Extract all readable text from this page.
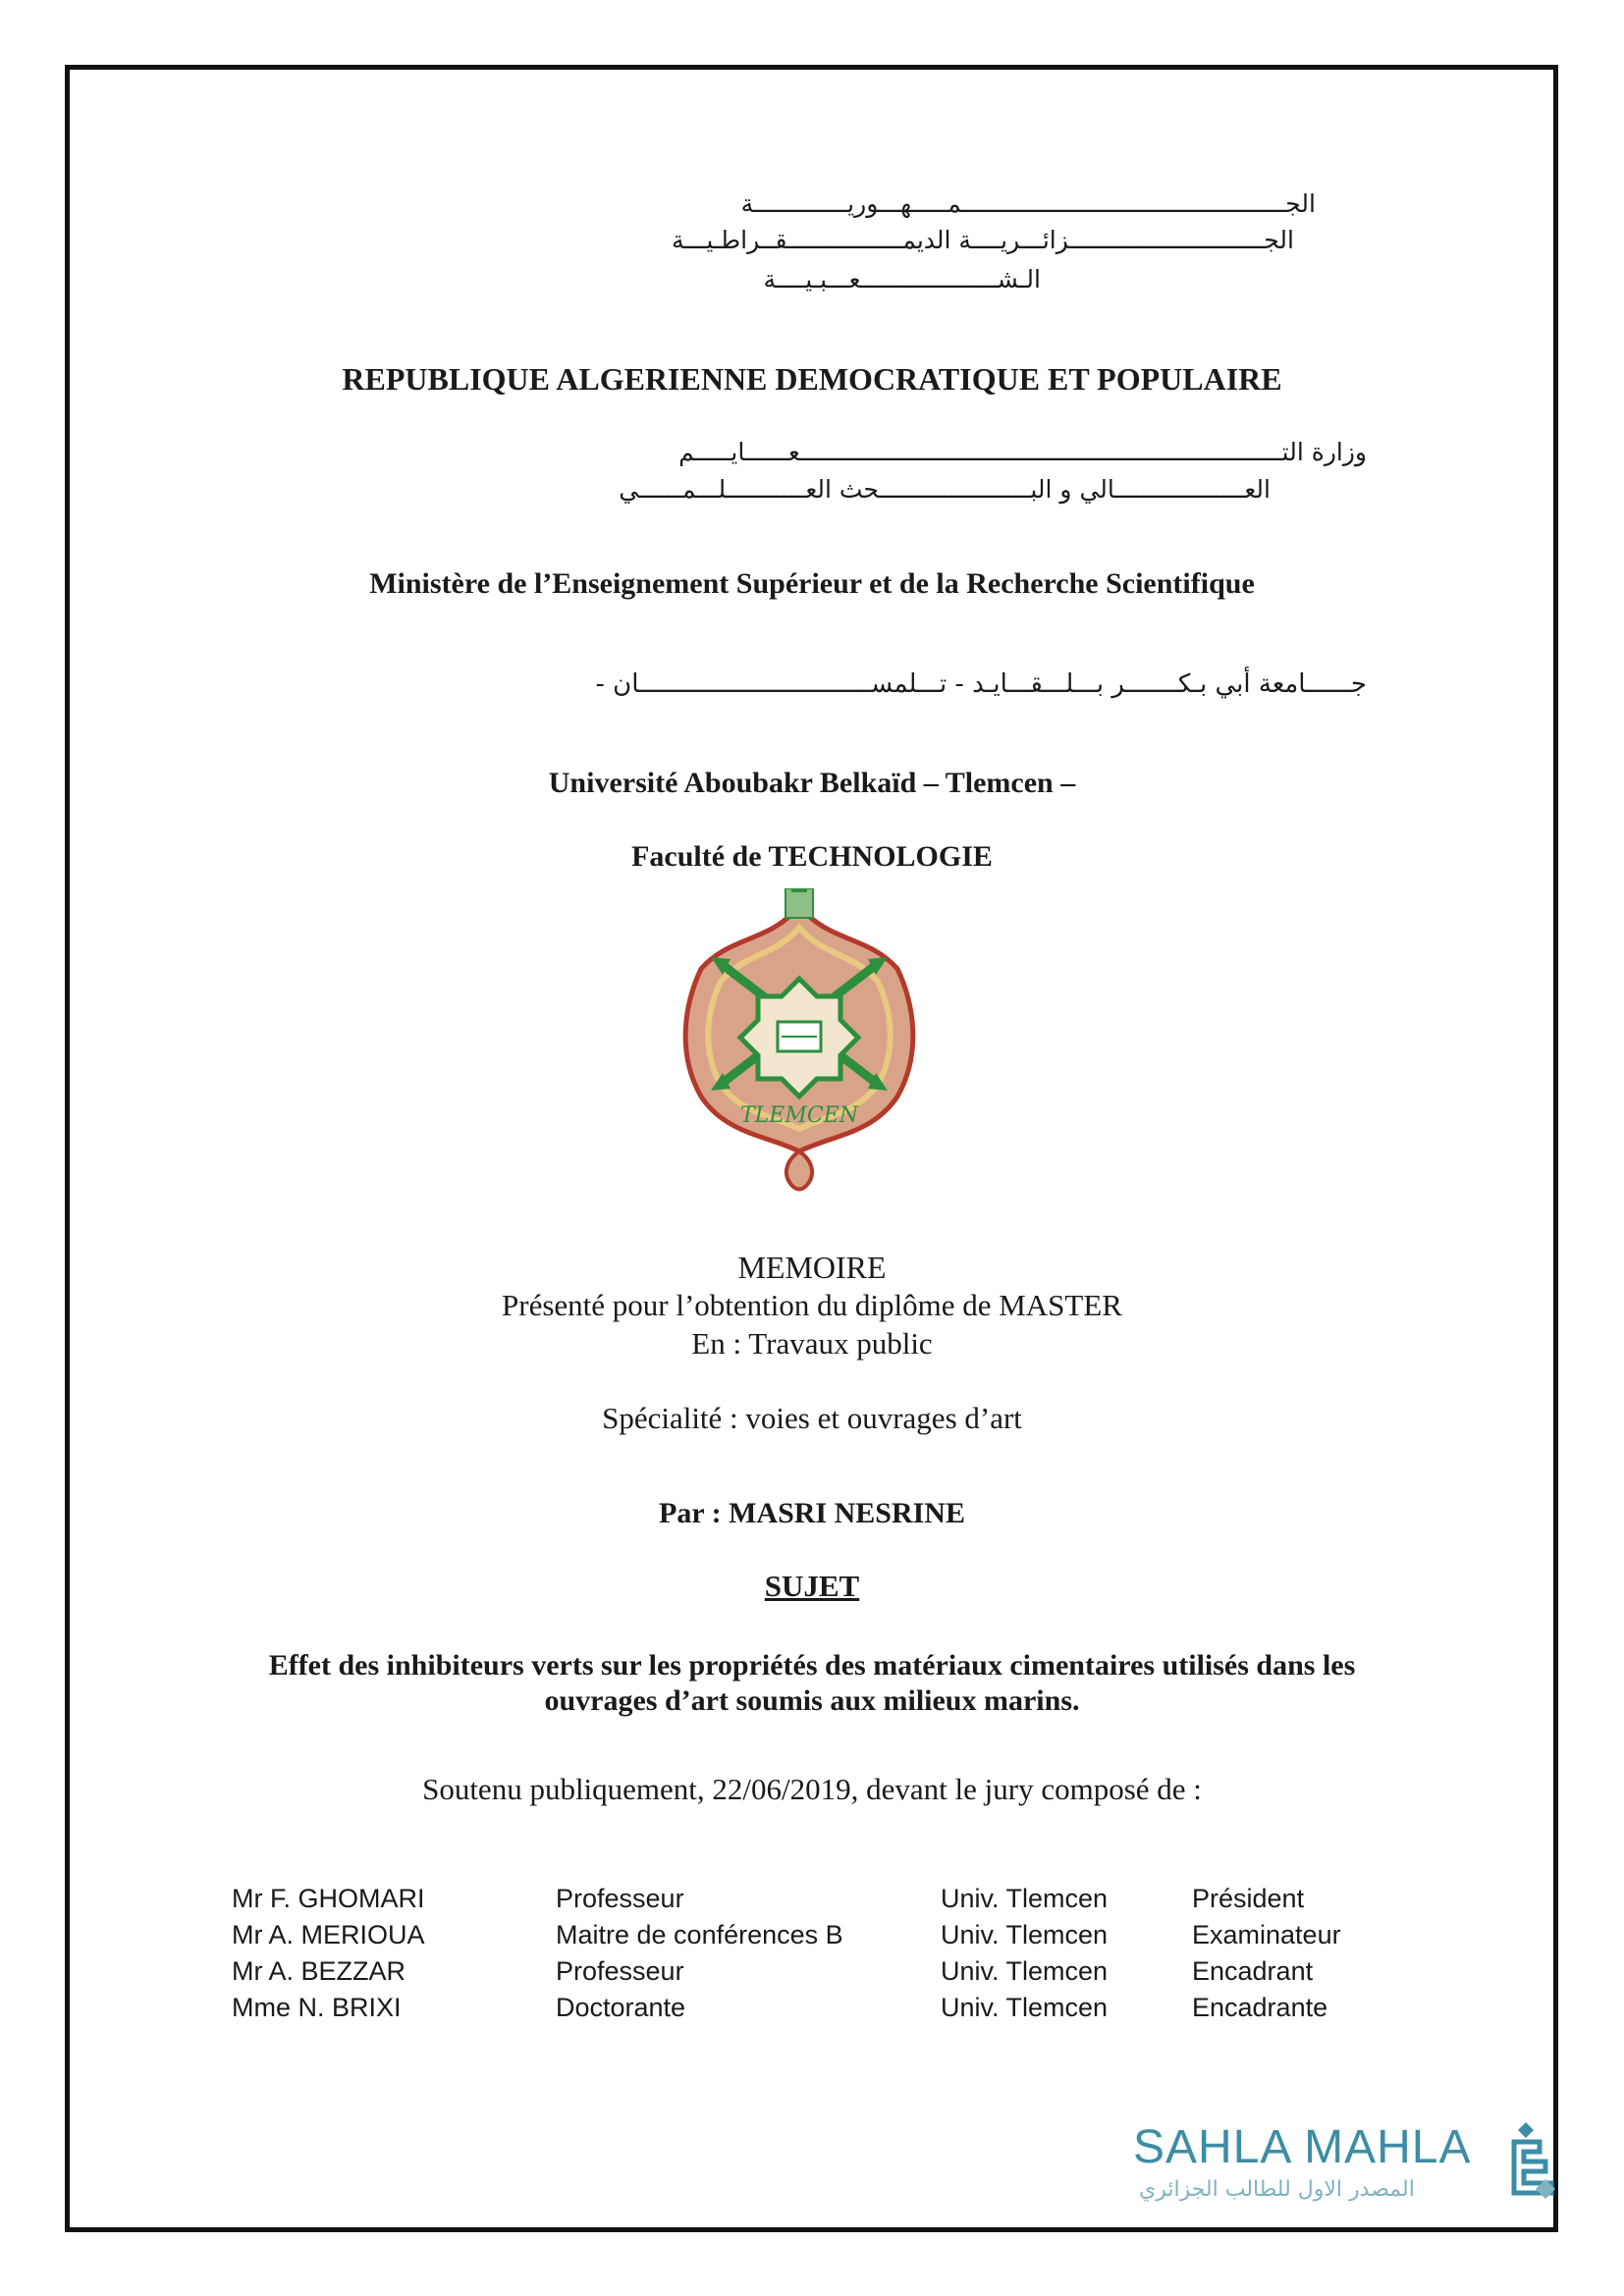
الجـــــــــــــــــــــــــــــــــــــــــــــمـــــهـــوريـــــــــــــة
الجـــــــــــــــــــــــــــزائـــريــــة الديمــــــــــــــــقــراطـيـــة
الـشـــــــــــــــــــعـــبـيــــة
REPUBLIQUE ALGERIENNE DEMOCRATIQUE ET POPULAIRE
وزارة التـــــــــــــــــــــــــــــــــــــــــــــــــــــــــــــــــــعــــــايـــــم
العــــــــــــــــــالي و البـــــــــــــــــــــحث العـــــــــــلـــمــــــي
Ministère de l’Enseignement Supérieur et de la Recherche Scientifique
جــــــامعة أبي بـكـــــــر بـــلـــقـــايـد - تـــلمســـــــــــــــــــــــــــــــان -
Université Aboubakr Belkaïd – Tlemcen –
Faculté de TECHNOLOGIE
TLEMCEN
MEMOIRE
Présenté pour l’obtention du diplôme de MASTER
En : Travaux public
Spécialité : voies et ouvrages d’art
Par : MASRI NESRINE
SUJET
Effet des inhibiteurs verts sur les propriétés des matériaux cimentaires utilisés dans les
ouvrages d’art soumis aux milieux marins.
Soutenu publiquement, 22/06/2019, devant le jury composé de :
Mr F. GHOMARI	Professeur	Univ. Tlemcen	Président
Mr A. MERIOUA	Maitre de conférences B	Univ. Tlemcen	Examinateur
Mr A. BEZZAR	Professeur	Univ. Tlemcen	Encadrant
Mme N. BRIXI	Doctorante	Univ. Tlemcen	Encadrante
SAHLA MAHLA
المصدر الاول للطالب الجزائري
